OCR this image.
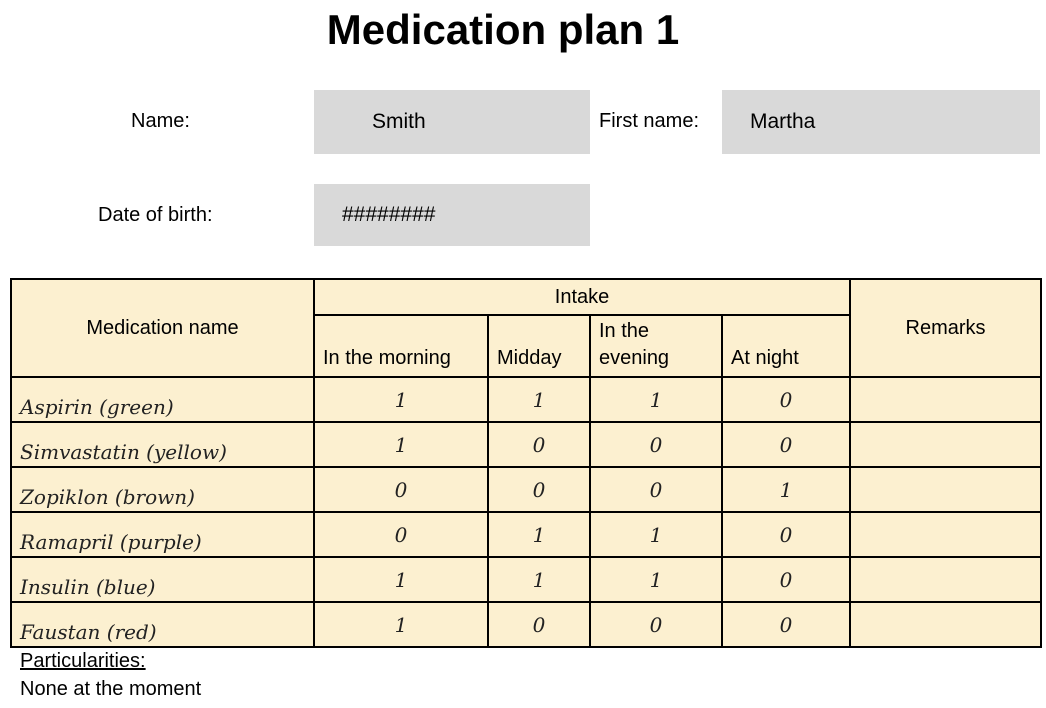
Medication plan 1
Name:	Smith	First name: Martha
Date of birth:	########
Medication name	Intake				Remarks
	In the morning	Midday	In the evening	At night	
Aspirin (green)	1	1	1	0	
Simvastatin (yellow)	1	0	0	0	
Zopiklon (brown)	0	0	0	1	
Ramapril (purple)	0	1	1	0	
Insulin (blue)	1	1	1	0	
Faustan (red)	1	0	0	0	
Particularities:
None at the moment
